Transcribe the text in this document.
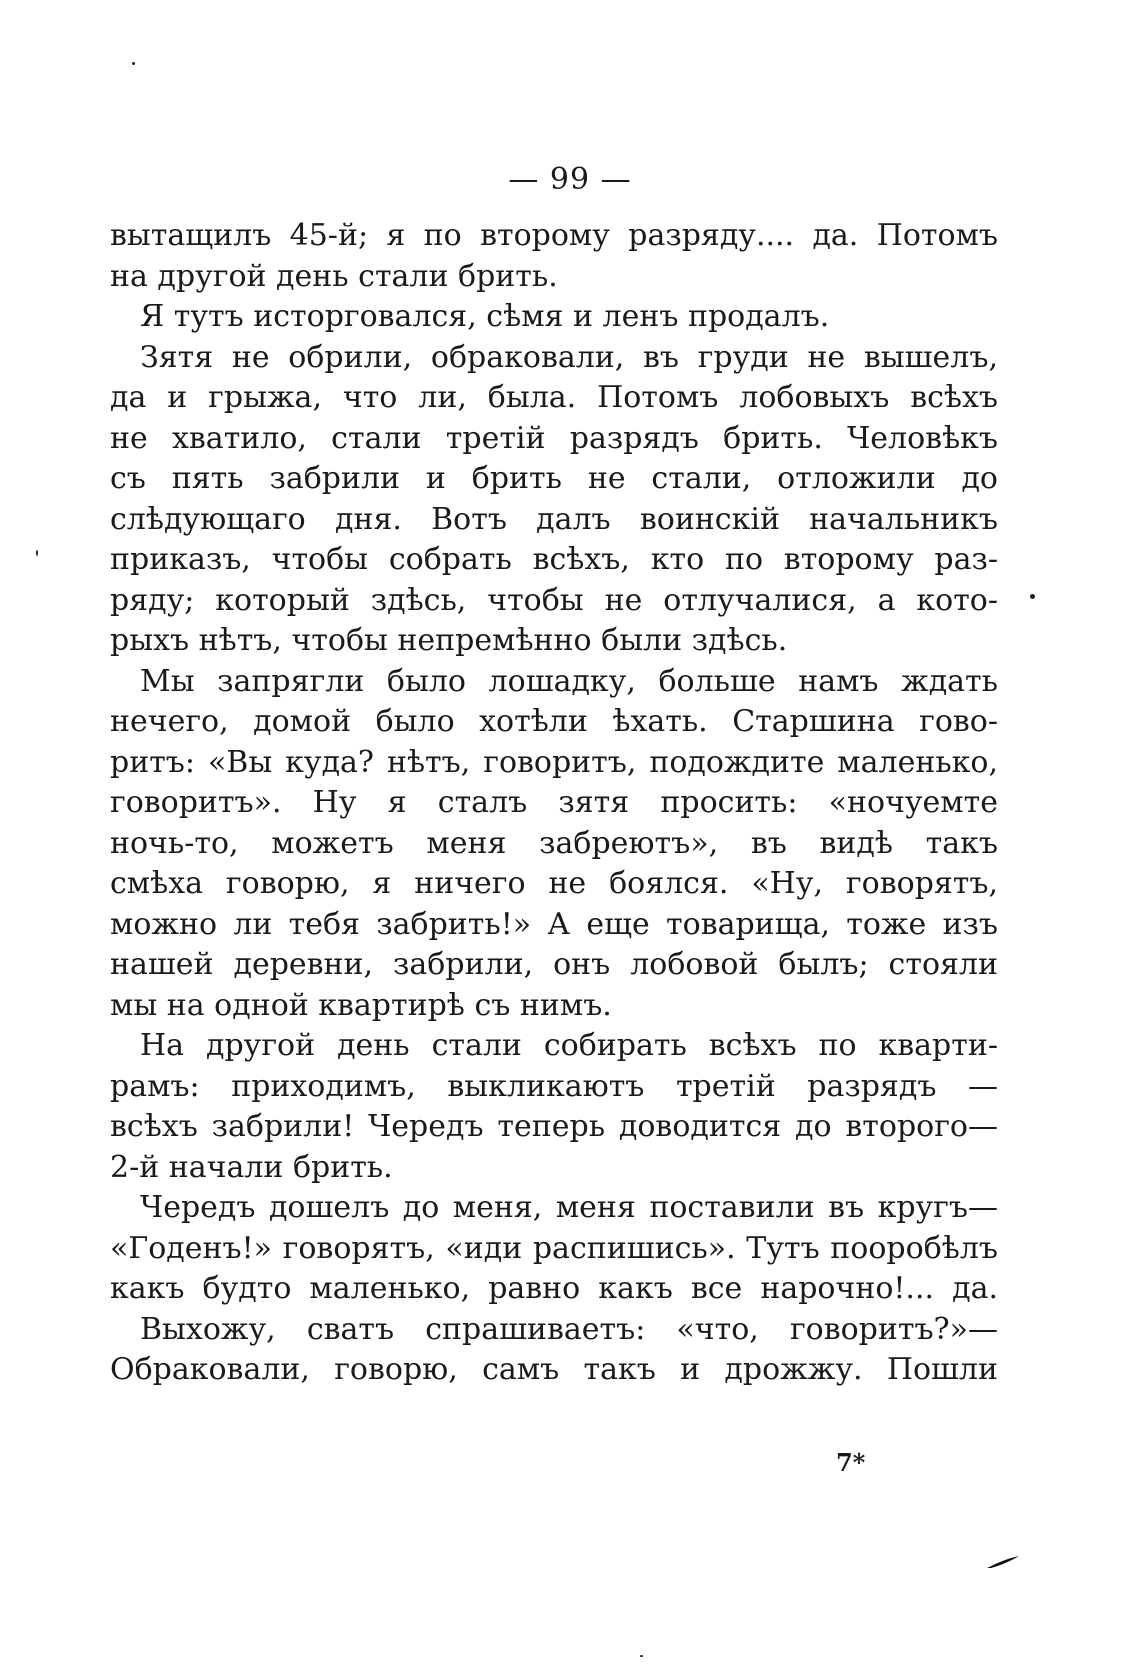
— 99 —
вытащилъ 45-й; я по второму разряду.... да. Потомъ
на другой день стали брить.
Я тутъ исторговался, сѣмя и ленъ продалъ.
Зятя не обрили, обраковали, въ груди не вышелъ,
да и грыжа, что ли, была. Потомъ лобовыхъ всѣхъ
не хватило, стали третій разрядъ брить. Человѣкъ
съ пять забрили и брить не стали, отложили до
слѣдующаго дня. Вотъ далъ воинскій начальникъ
приказъ, чтобы собрать всѣхъ, кто по второму раз-
ряду; который здѣсь, чтобы не отлучалися, а кото-
рыхъ нѣтъ, чтобы непремѣнно были здѣсь.
Мы запрягли было лошадку, больше намъ ждать
нечего, домой было хотѣли ѣхать. Старшина гово-
ритъ: «Вы куда? нѣтъ, говоритъ, подождите маленько,
говоритъ». Ну я сталъ зятя просить: «ночуемте
ночь-то, можетъ меня забреютъ», въ видѣ такъ
смѣха говорю, я ничего не боялся. «Ну, говорятъ,
можно ли тебя забрить!» А еще товарища, тоже изъ
нашей деревни, забрили, онъ лобовой былъ; стояли
мы на одной квартирѣ съ нимъ.
На другой день стали собирать всѣхъ по кварти-
рамъ: приходимъ, выкликаютъ третій разрядъ —
всѣхъ забрили! Чередъ теперь доводится до второго—
2-й начали брить.
Чередъ дошелъ до меня, меня поставили въ кругъ—
«Годенъ!» говорятъ, «иди распишись». Тутъ пооробѣлъ
какъ будто маленько, равно какъ все нарочно!... да.
Выхожу, сватъ спрашиваетъ: «что, говоритъ?»—
Обраковали, говорю, самъ такъ и дрожжу. Пошли
7*
